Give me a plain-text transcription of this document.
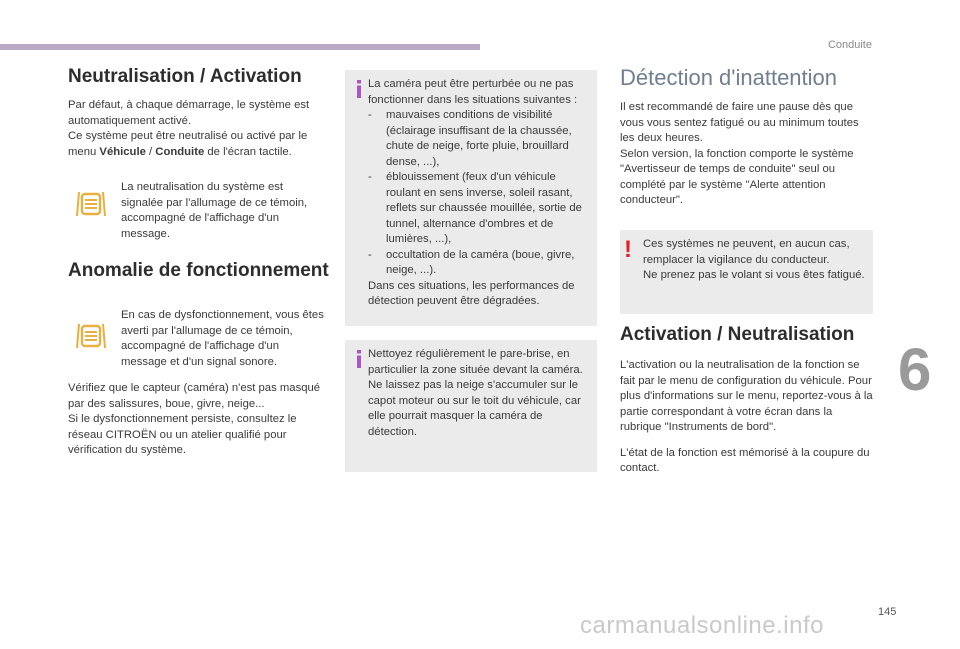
Conduite

Neutralisation / Activation

Par défaut, à chaque démarrage, le système est automatiquement activé.

Ce système peut être neutralisé ou activé par le menu Véhicule / Conduite de l'écran tactile.

La neutralisation du système est signalée par l'allumage de ce témoin, accompagné de l'affichage d'un message.

Anomalie de fonctionnement

En cas de dysfonctionnement, vous êtes averti par l'allumage de ce témoin, accompagné de l'affichage d'un message et d'un signal sonore.

Vérifiez que le capteur (caméra) n'est pas masqué par des salissures, boue, givre, neige...

Si le dysfonctionnement persiste, consultez le réseau CITROËN ou un atelier qualifié pour vérification du système.

La caméra peut être perturbée ou ne pas fonctionner dans les situations suivantes :

- mauvaises conditions de visibilité (éclairage insuffisant de la chaussée, chute de neige, forte pluie, brouillard dense, ...),
- éblouissement (feux d'un véhicule roulant en sens inverse, soleil rasant, reflets sur chaussée mouillée, sortie de tunnel, alternance d'ombres et de lumières, ...),
- occultation de la caméra (boue, givre, neige, ...).

Dans ces situations, les performances de détection peuvent être dégradées.

Nettoyez régulièrement le pare-brise, en particulier la zone située devant la caméra.

Ne laissez pas la neige s'accumuler sur le capot moteur ou sur le toit du véhicule, car elle pourrait masquer la caméra de détection.

Détection d'inattention

Il est recommandé de faire une pause dès que vous vous sentez fatigué ou au minimum toutes les deux heures.

Selon version, la fonction comporte le système "Avertisseur de temps de conduite" seul ou complété par le système "Alerte attention conducteur".

! Ces systèmes ne peuvent, en aucun cas, remplacer la vigilance du conducteur.

Ne prenez pas le volant si vous êtes fatigué.

Activation / Neutralisation

L'activation ou la neutralisation de la fonction se fait par le menu de configuration du véhicule. Pour plus d'informations sur le menu, reportez-vous à la partie correspondant à votre écran dans la rubrique "Instruments de bord".

L'état de la fonction est mémorisé à la coupure du contact.

6
145
carmanualsonline.info
